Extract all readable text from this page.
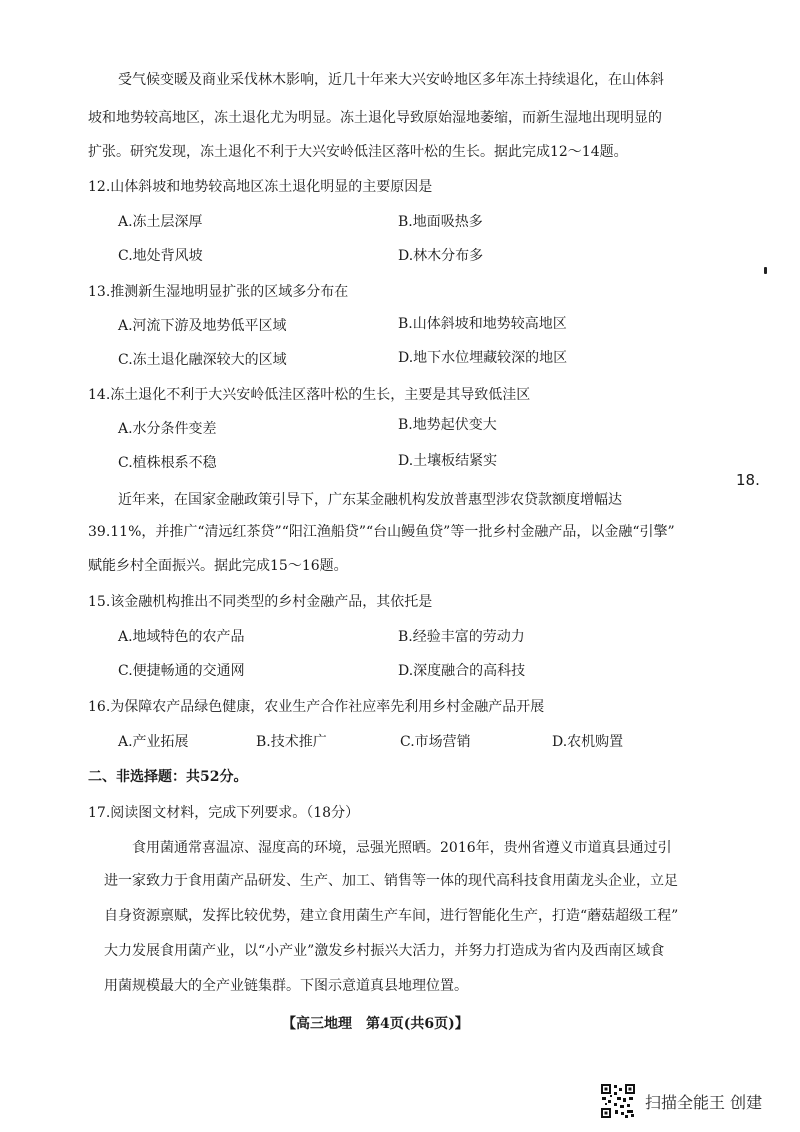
受气候变暖及商业采伐林木影响，近几十年来大兴安岭地区多年冻土持续退化，在山体斜
坡和地势较高地区，冻土退化尤为明显。冻土退化导致原始湿地萎缩，而新生湿地出现明显的
扩张。研究发现，冻土退化不利于大兴安岭低洼区落叶松的生长。据此完成12～14题。
12.山体斜坡和地势较高地区冻土退化明显的主要原因是
A.冻土层深厚	B.地面吸热多
C.地处背风坡	D.林木分布多
13.推测新生湿地明显扩张的区域多分布在
A.河流下游及地势低平区域	B.山体斜坡和地势较高地区
C.冻土退化融深较大的区域	D.地下水位埋藏较深的地区
14.冻土退化不利于大兴安岭低洼区落叶松的生长，主要是其导致低洼区
A.水分条件变差	B.地势起伏变大
C.植株根系不稳	D.土壤板结紧实
18.
近年来，在国家金融政策引导下，广东某金融机构发放普惠型涉农贷款额度增幅达
39.11%，并推广“清远红茶贷”“阳江渔船贷”“台山鳗鱼贷”等一批乡村金融产品，以金融“引擎”
赋能乡村全面振兴。据此完成15～16题。
15.该金融机构推出不同类型的乡村金融产品，其依托是
A.地域特色的农产品	B.经验丰富的劳动力
C.便捷畅通的交通网	D.深度融合的高科技
16.为保障农产品绿色健康，农业生产合作社应率先利用乡村金融产品开展
A.产业拓展	B.技术推广	C.市场营销	D.农机购置
二、非选择题：共52分。
17.阅读图文材料，完成下列要求。（18分）
食用菌通常喜温凉、湿度高的环境，忌强光照晒。2016年，贵州省遵义市道真县通过引
进一家致力于食用菌产品研发、生产、加工、销售等一体的现代高科技食用菌龙头企业，立足
自身资源禀赋，发挥比较优势，建立食用菌生产车间，进行智能化生产，打造“蘑菇超级工程”
大力发展食用菌产业，以“小产业”激发乡村振兴大活力，并努力打造成为省内及西南区域食
用菌规模最大的全产业链集群。下图示意道真县地理位置。
【高三地理　第4页(共6页)】
扫描全能王 创建
